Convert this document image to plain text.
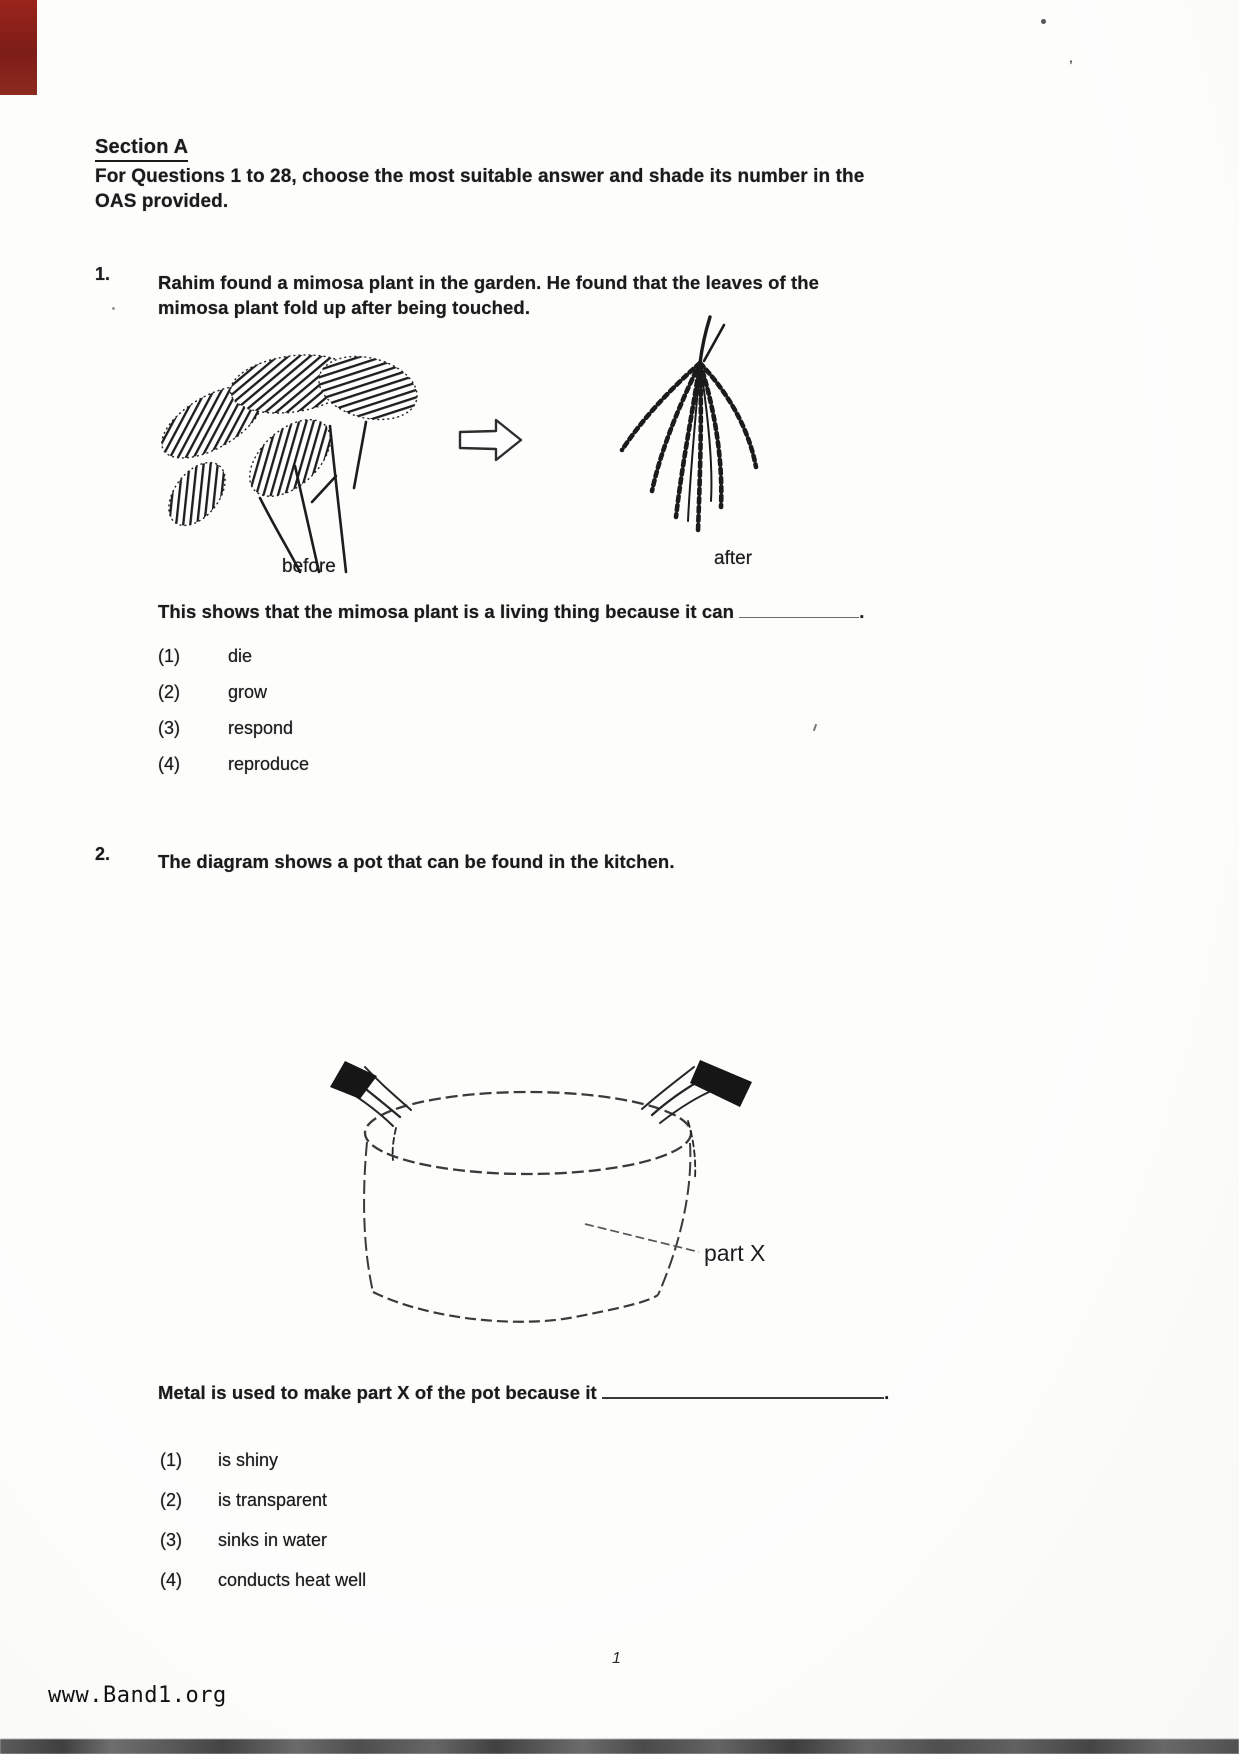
’
Section A
For Questions 1 to 28, choose the most suitable answer and shade its number in the
OAS provided.
1.	Rahim found a mimosa plant in the garden. He found that the leaves of the
mimosa plant fold up after being touched.
before	after
This shows that the mimosa plant is a living thing because it can	.
(1)	die
(2)	grow
(3)	respond
(4)	reproduce
2.	The diagram shows a pot that can be found in the kitchen.
part X
Metal is used to make part X of the pot because it	.
(1)	is shiny
(2)	is transparent
(3)	sinks in water
(4)	conducts heat well
1
www.Band1.org
